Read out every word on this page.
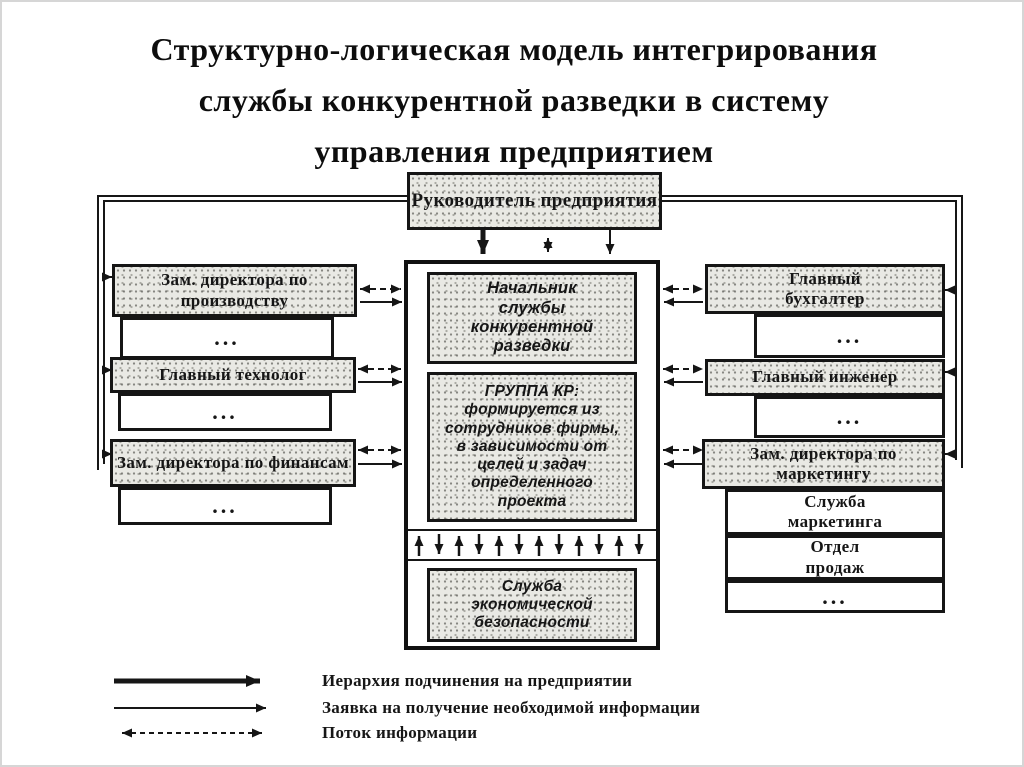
Структурно-логическая модель интегрирования
службы конкурентной разведки в систему
управления предприятием
Руководитель предприятия
Начальник службы конкурентной разведки
ГРУППА КР: формируется из сотрудников фирмы, в зависимости от целей и задач определенного проекта
Служба экономической безопасности
Зам. директора по производству
...
Главный технолог
...
Зам. директора по финансам
...
Главный бухгалтер
...
Главный инженер
...
Зам. директора по маркетингу
Служба маркетинга
Отдел продаж
...
Иерархия подчинения на предприятии
Заявка на получение необходимой информации
Поток информации
